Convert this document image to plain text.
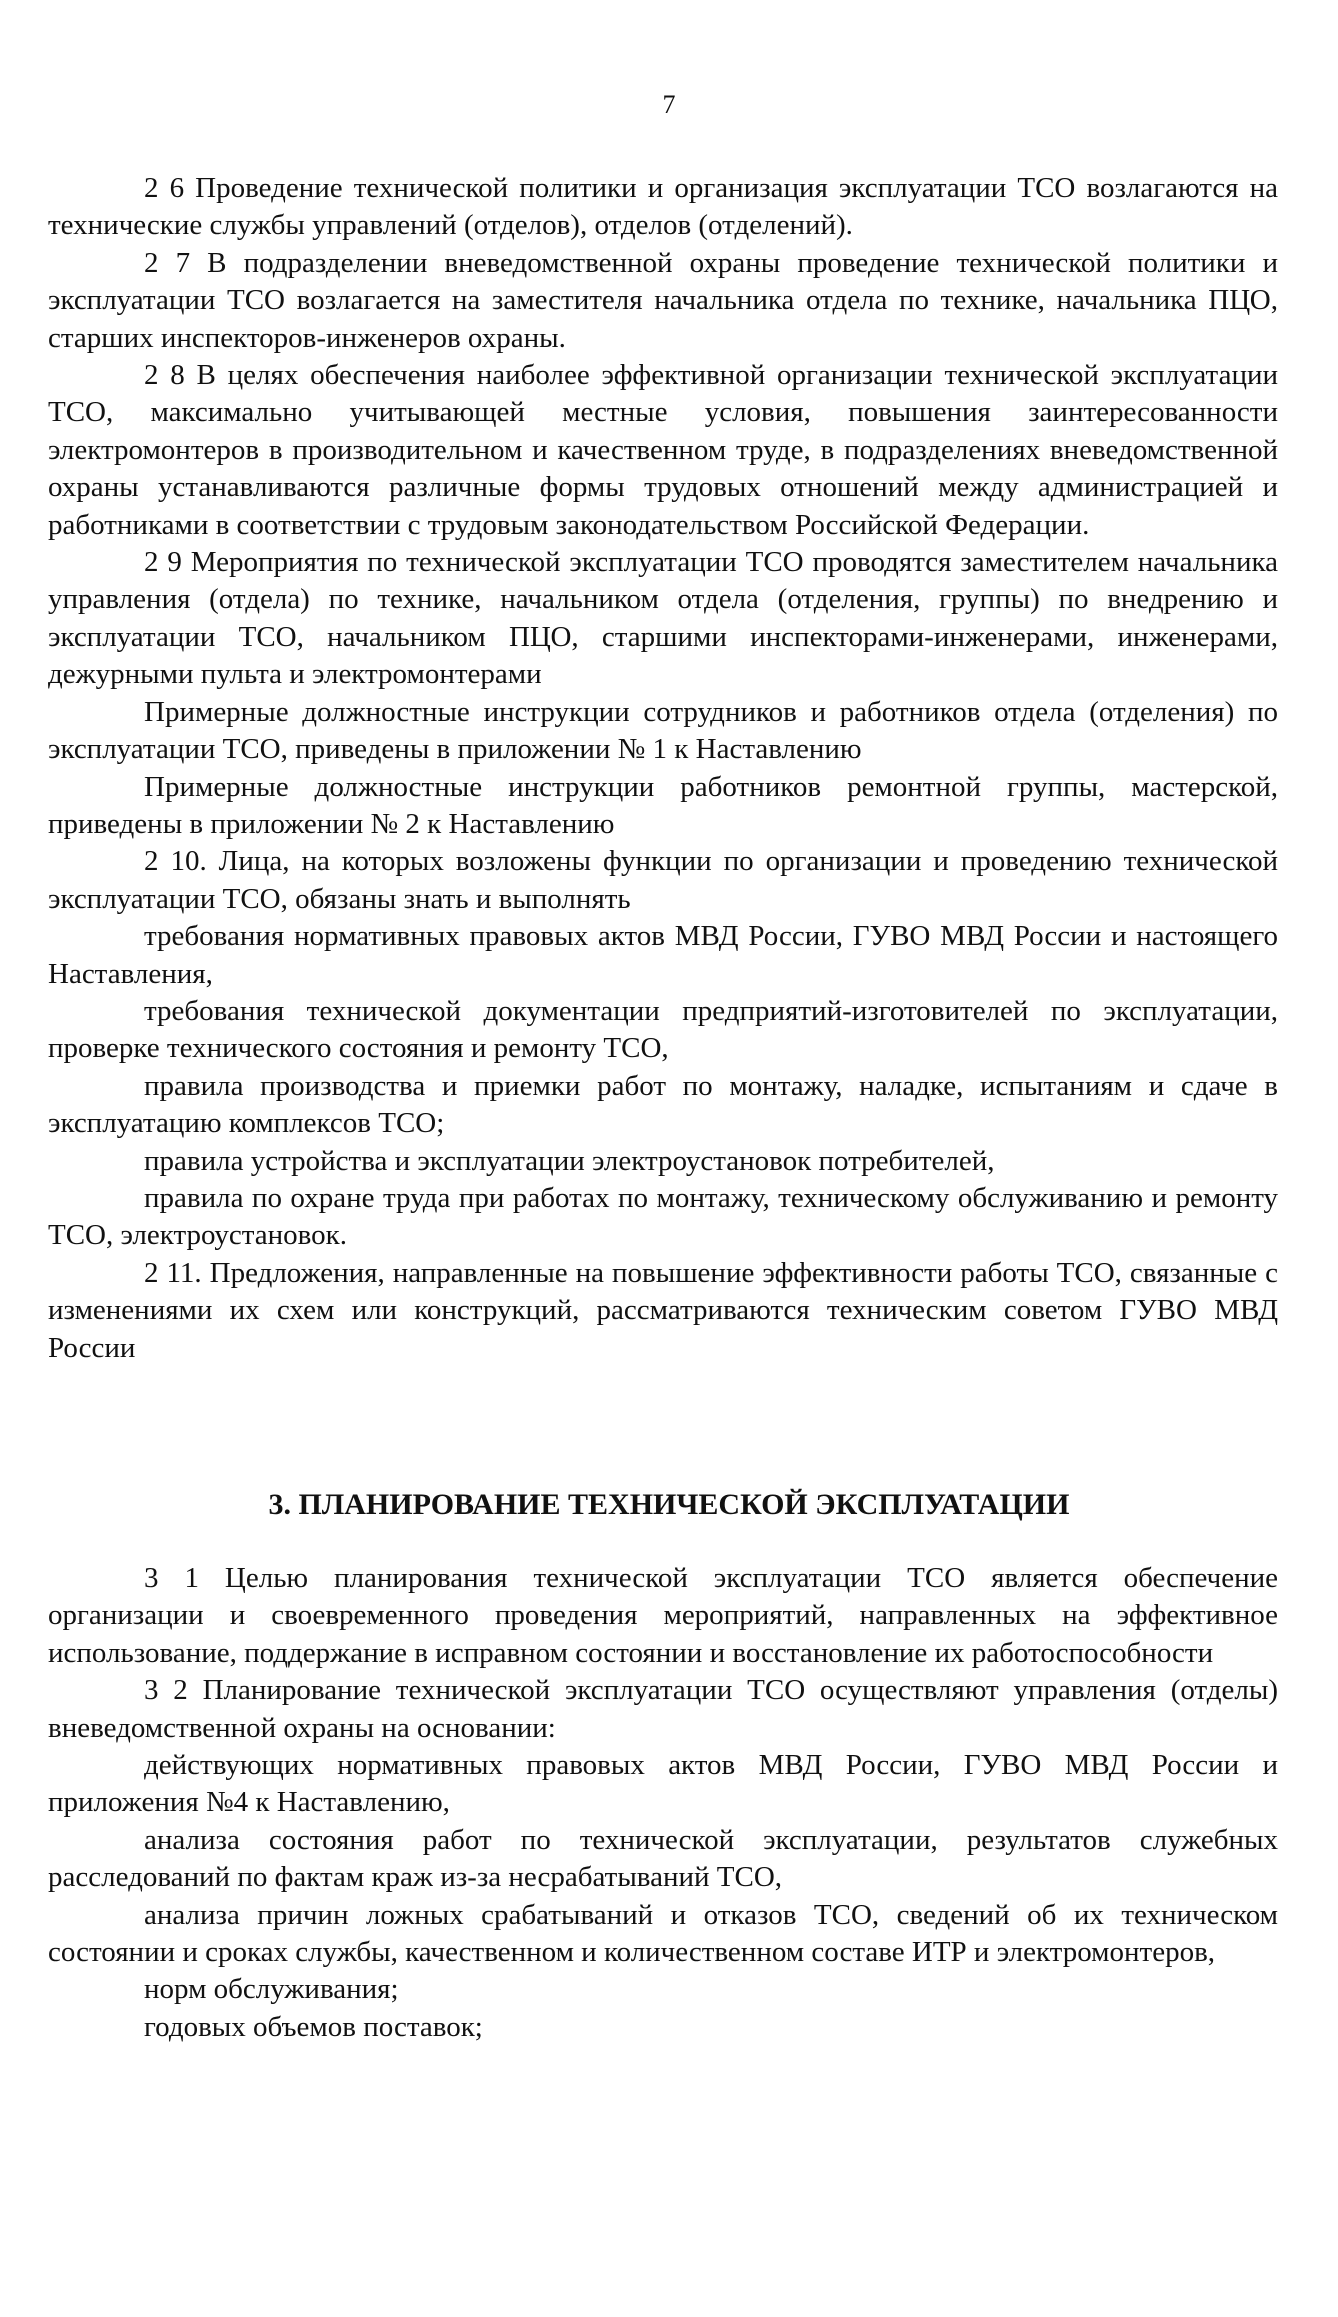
7

2 6 Проведение технической политики и организация эксплуатации ТСО возлагаются на технические службы управлений (отделов), отделов (отделений).

2 7 В подразделении вневедомственной охраны проведение технической политики и эксплуатации ТСО возлагается на заместителя начальника отдела по технике, начальника ПЦО, старших инспекторов-инженеров охраны.

2 8 В целях обеспечения наиболее эффективной организации технической эксплуатации ТСО, максимально учитывающей местные условия, повышения заинтересованности электромонтеров в производительном и качественном труде, в подразделениях вневедомственной охраны устанавливаются различные формы трудовых отношений между администрацией и работниками в соответствии с трудовым законодательством Российской Федерации.

2 9 Мероприятия по технической эксплуатации ТСО проводятся заместителем начальника управления (отдела) по технике, начальником отдела (отделения, группы) по внедрению и эксплуатации ТСО, начальником ПЦО, старшими инспекторами-инженерами, инженерами, дежурными пульта и электромонтерами

Примерные должностные инструкции сотрудников и работников отдела (отделения) по эксплуатации ТСО, приведены в приложении № 1 к Наставлению

Примерные должностные инструкции работников ремонтной группы, мастерской, приведены в приложении № 2 к Наставлению

2 10. Лица, на которых возложены функции по организации и проведению технической эксплуатации ТСО, обязаны знать и выполнять

требования нормативных правовых актов МВД России, ГУВО МВД России и настоящего Наставления,

требования технической документации предприятий-изготовителей по эксплуатации, проверке технического состояния и ремонту ТСО,

правила производства и приемки работ по монтажу, наладке, испытаниям и сдаче в эксплуатацию комплексов ТСО;

правила устройства и эксплуатации электроустановок потребителей,

правила по охране труда при работах по монтажу, техническому обслуживанию и ремонту ТСО, электроустановок.

2 11. Предложения, направленные на повышение эффективности работы ТСО, связанные с изменениями их схем или конструкций, рассматриваются техническим советом ГУВО МВД России

3. ПЛАНИРОВАНИЕ ТЕХНИЧЕСКОЙ ЭКСПЛУАТАЦИИ

3 1 Целью планирования технической эксплуатации ТСО является обеспечение организации и своевременного проведения мероприятий, направленных на эффективное использование, поддержание в исправном состоянии и восстановление их работоспособности

3 2 Планирование технической эксплуатации ТСО осуществляют управления (отделы) вневедомственной охраны на основании:

действующих нормативных правовых актов МВД России, ГУВО МВД России и приложения №4 к Наставлению,

анализа состояния работ по технической эксплуатации, результатов служебных расследований по фактам краж из-за несрабатываний ТСО,

анализа причин ложных срабатываний и отказов ТСО, сведений об их техническом состоянии и сроках службы, качественном и количественном составе ИТР и электромонтеров,

норм обслуживания;

годовых объемов поставок;
